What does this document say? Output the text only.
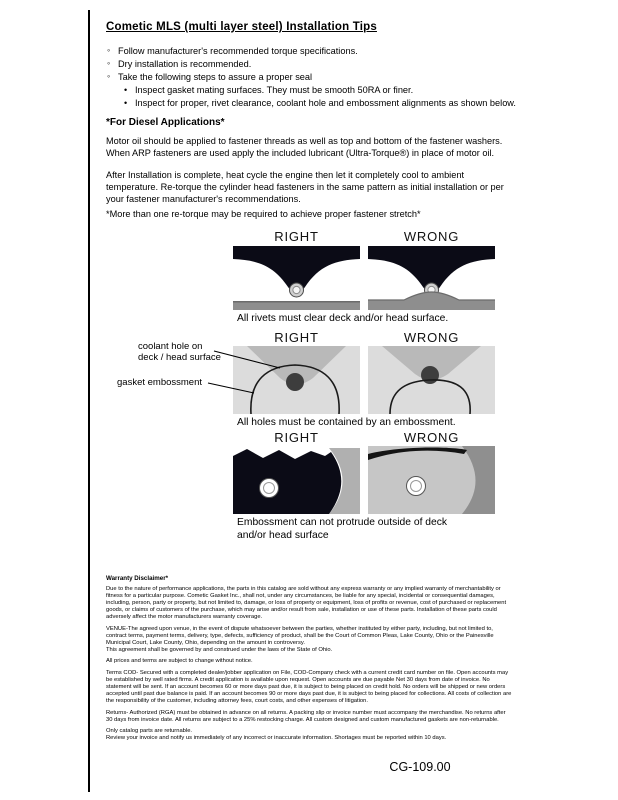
Cometic MLS (multi layer steel) Installation Tips
◦ Follow manufacturer's recommended torque specifications.
◦ Dry installation is recommended.
◦ Take the following steps to assure a proper seal
• Inspect gasket mating surfaces. They must be smooth 50RA or finer.
• Inspect for proper, rivet clearance, coolant hole and embossment alignments as shown below.
*For Diesel Applications*
Motor oil should be applied to fastener threads as well as top and bottom of the fastener washers. When ARP fasteners are used apply the included lubricant (Ultra-Torque®) in place of motor oil.
After Installation is complete, heat cycle the engine then let it completely cool to ambient temperature. Re-torque the cylinder head fasteners in the same pattern as initial installation or per your fastener manufacturer's recommendations.
*More than one re-torque may be required to achieve proper fastener stretch*
RIGHT	WRONG
All rivets must clear deck and/or head surface.
coolant hole on deck / head surface
gasket embossment
RIGHT	WRONG
All holes must be contained by an embossment.
RIGHT	WRONG
Embossment can not protrude outside of deck and/or head surface
Warranty Disclaimer*
Due to the nature of performance applications, the parts in this catalog are sold without any express warranty or any implied warranty of merchantability or fitness for a particular purpose. Cometic Gasket Inc., shall not, under any circumstances, be liable for any special, incidental or consequential damages, including, person, party or property, but not limited to, damage, or loss of property or equipment, loss of profits or revenue, cost of purchased or replacement goods, or claims of customers of the purchase, which may arise and/or result from sale, installation or use of these parts. Installation of these parts could adversely affect the motor manufacturers warranty coverage.
VENUE-The agreed upon venue, in the event of dispute whatsoever between the parties, whether instituted by either party, including, but not limited to, contract terms, payment terms, delivery, type, defects, sufficiency of product, shall be the Court of Common Pleas, Lake County, Ohio or the Painesville Municipal Court, Lake County, Ohio, depending on the amount in controversy.
This agreement shall be governed by and construed under the laws of the State of Ohio.
All prices and terms are subject to change without notice.
Terms COD- Secured with a completed dealer/jobber application on File, COD-Company check with a current credit card number on file. Open accounts may be established by well rated firms. A credit application is available upon request. Open accounts are due payable Net 30 days from date of invoice. No statement will be sent. If an account becomes 60 or more days past due, it is subject to being placed on credit hold. No orders will be shipped or new orders accepted until past due balance is paid. If an account becomes 90 or more days past due, it is subject to being placed for collections. All costs of collection are the responsibility of the customer, including attorney fees, court costs, and other expenses of litigation.
Returns- Authorized (RGA) must be obtained in advance on all returns. A packing slip or invoice number must accompany the merchandise. No returns after 30 days from invoice date. All returns are subject to a 25% restocking charge. All custom designed and custom manufactured gaskets are non-returnable.
Only catalog parts are returnable.
Review your invoice and notify us immediately of any incorrect or inaccurate information. Shortages must be reported within 10 days.
CG-109.00
